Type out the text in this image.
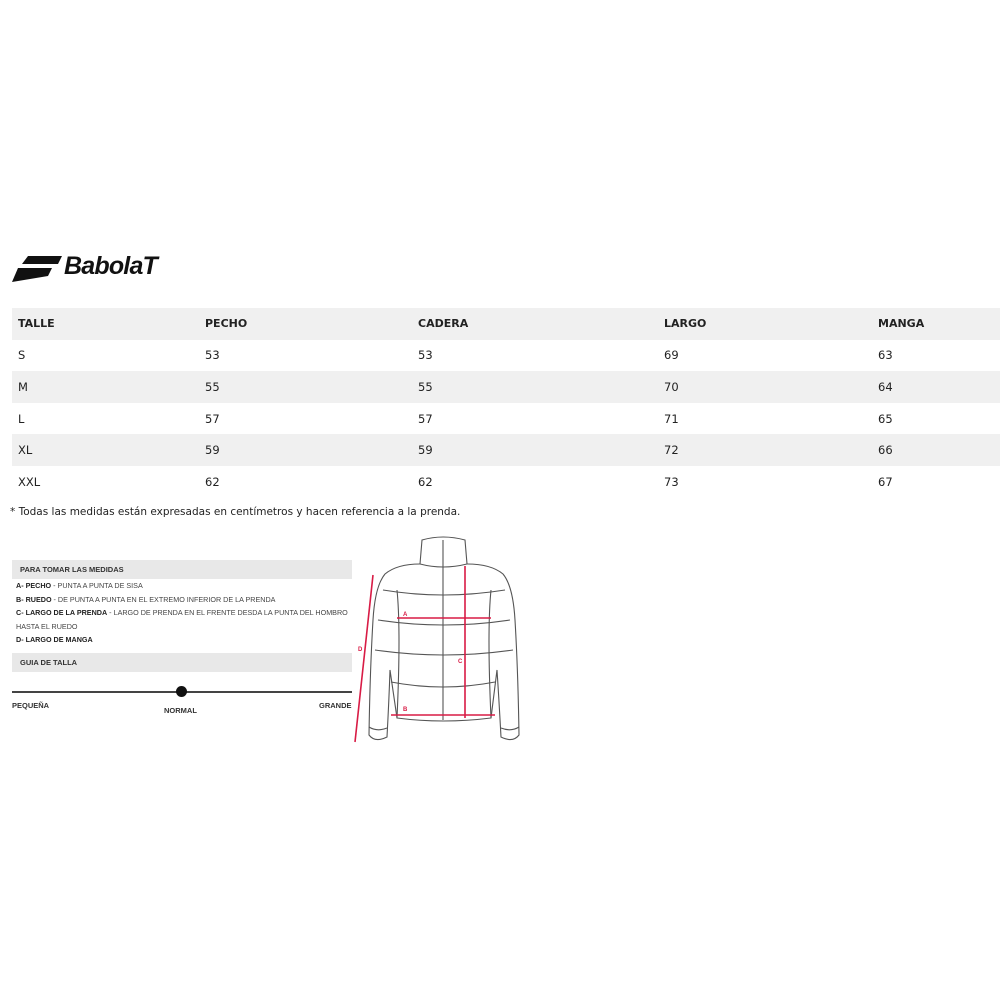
BabolaT
TALLE	PECHO	CADERA	LARGO	MANGA
S	53	53	69	63
M	55	55	70	64
L	57	57	71	65
XL	59	59	72	66
XXL	62	62	73	67
* Todas las medidas están expresadas en centímetros y hacen referencia a la prenda.
PARA TOMAR LAS MEDIDAS
A- PECHO - PUNTA A PUNTA DE SISA
B- RUEDO - DE PUNTA A PUNTA EN EL EXTREMO INFERIOR DE LA PRENDA
C- LARGO DE LA PRENDA - LARGO DE PRENDA EN EL FRENTE DESDA LA PUNTA DEL HOMBRO
HASTA EL RUEDO
D- LARGO DE MANGA
GUIA DE TALLA
PEQUEÑA
NORMAL
GRANDE
A
B
C
D
